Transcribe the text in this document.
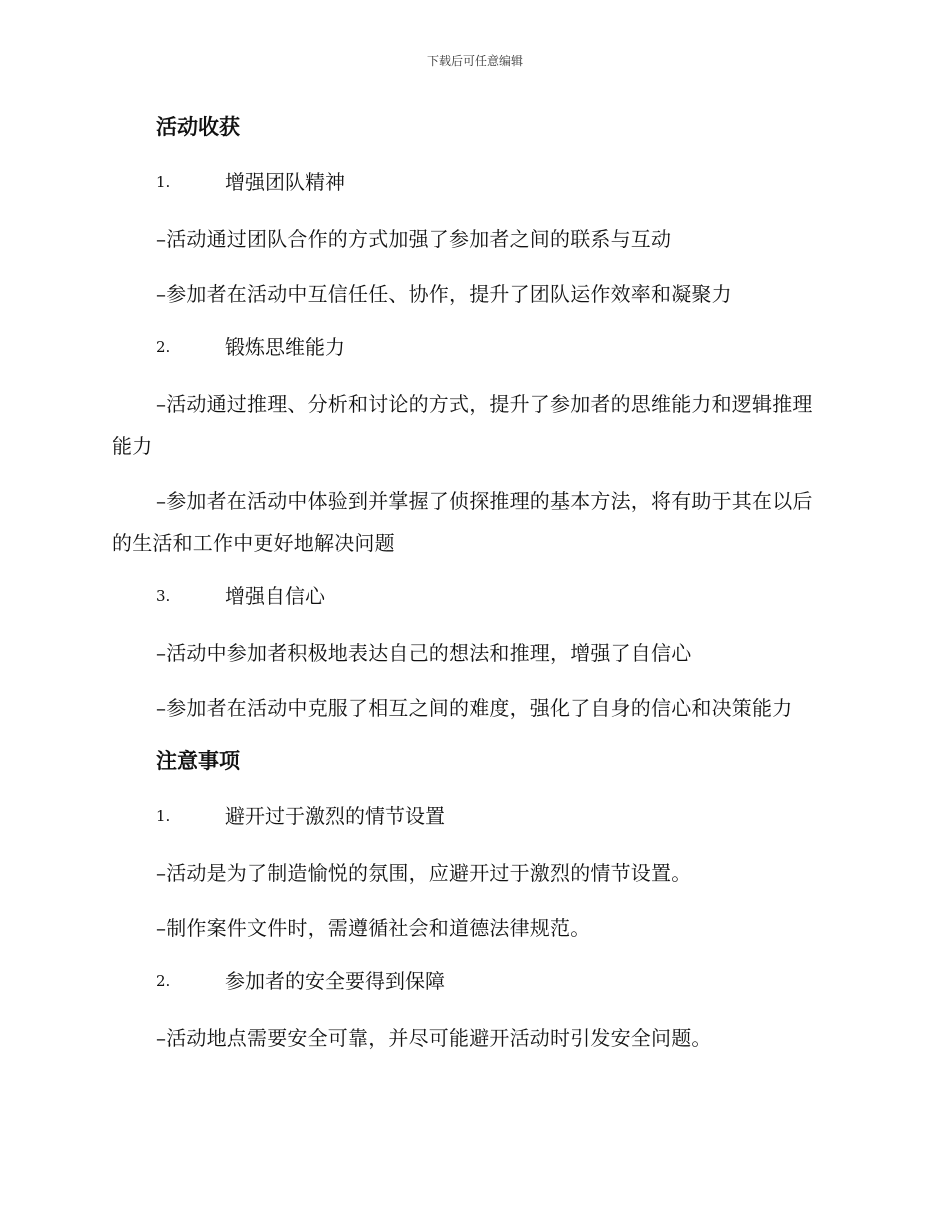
下载后可任意编辑
活动收获
1.	增强团队精神
–活动通过团队合作的方式加强了参加者之间的联系与互动
–参加者在活动中互信任任、协作，提升了团队运作效率和凝聚力
2.	锻炼思维能力
–活动通过推理、分析和讨论的方式，提升了参加者的思维能力和逻辑推理能力
–参加者在活动中体验到并掌握了侦探推理的基本方法，将有助于其在以后的生活和工作中更好地解决问题
3.	增强自信心
–活动中参加者积极地表达自己的想法和推理，增强了自信心
–参加者在活动中克服了相互之间的难度，强化了自身的信心和决策能力
注意事项
1.	避开过于激烈的情节设置
–活动是为了制造愉悦的氛围，应避开过于激烈的情节设置。
–制作案件文件时，需遵循社会和道德法律规范。
2.	参加者的安全要得到保障
–活动地点需要安全可靠，并尽可能避开活动时引发安全问题。
